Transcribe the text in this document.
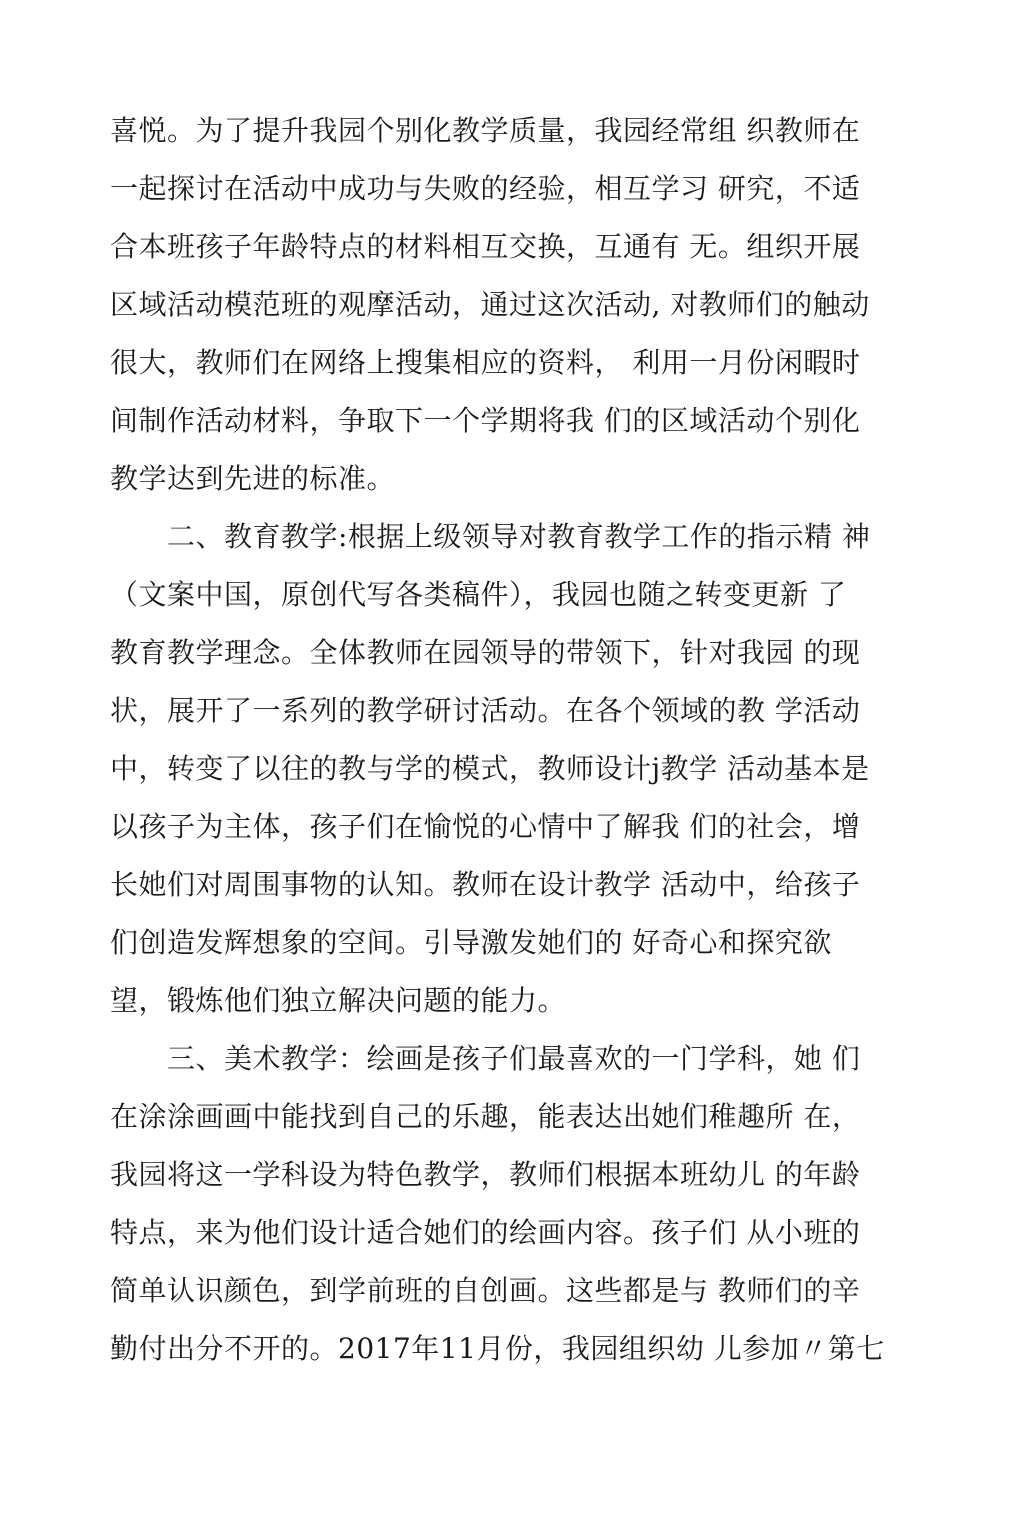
喜悦。为了提升我园个别化教学质量，我园经常组 织教师在
一起探讨在活动中成功与失败的经验，相互学习 研究，不适
合本班孩子年龄特点的材料相互交换，互通有 无。组织开展
区域活动模范班的观摩活动，通过这次活动, 对教师们的触动
很大，教师们在网络上搜集相应的资料， 利用一月份闲暇时
间制作活动材料，争取下一个学期将我 们的区域活动个别化
教学达到先进的标准。
　　二、教育教学:根据上级领导对教育教学工作的指示精 神
（文案中国，原创代写各类稿件），我园也随之转变更新 了
教育教学理念。全体教师在园领导的带领下，针对我园 的现
状，展开了一系列的教学研讨活动。在各个领域的教 学活动
中，转变了以往的教与学的模式，教师设计j教学 活动基本是
以孩子为主体，孩子们在愉悦的心情中了解我 们的社会，增
长她们对周围事物的认知。教师在设计教学 活动中，给孩子
们创造发辉想象的空间。引导激发她们的 好奇心和探究欲
望，锻炼他们独立解决问题的能力。
　　三、美术教学：绘画是孩子们最喜欢的一门学科，她 们
在涂涂画画中能找到自己的乐趣，能表达出她们稚趣所 在，
我园将这一学科设为特色教学，教师们根据本班幼儿 的年龄
特点，来为他们设计适合她们的绘画内容。孩子们 从小班的
简单认识颜色，到学前班的自创画。这些都是与 教师们的辛
勤付出分不开的。2017年11月份，我园组织幼 儿参加〃第七
